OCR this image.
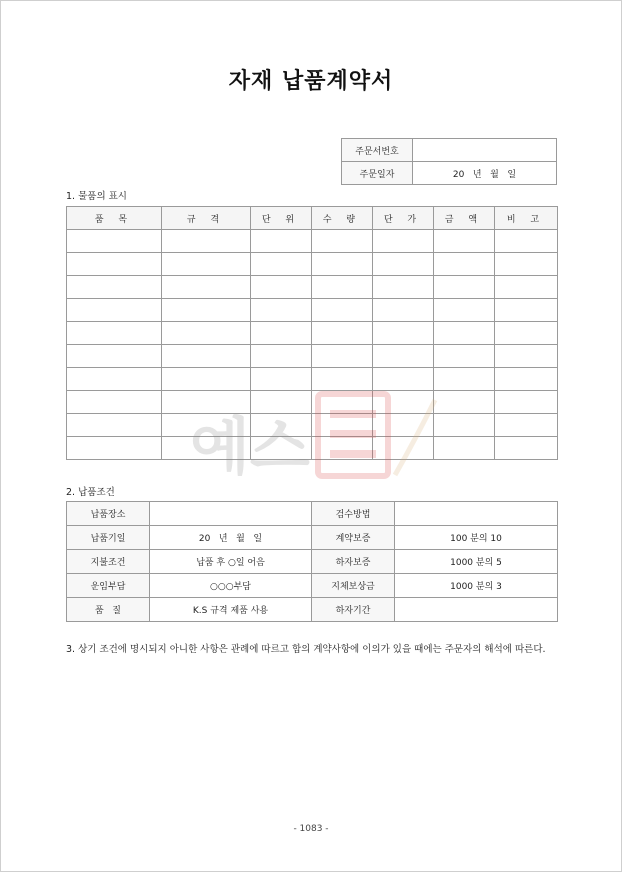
자재 납품계약서
주문서번호	
주문일자	20   년   월   일
1. 물품의 표시
품 목	규 격	단 위	수 량	단 가	금 액	비 고

예스
2. 납품조건
납품장소		검수방법	
납품기일	20   년   월   일	계약보증	100 분의 10
지불조건	납품 후 ○일 어음	하자보증	1000 분의 5
운임부담	○○○부담	지체보상금	1000 분의 3
품   질	K.S 규격 제품 사용	하자기간	
3. 상기 조건에 명시되지 아니한 사항은 관례에 따르고 합의 계약사항에 이의가 있을 때에는 주문자의 해석에 따른다.
- 1083 -
